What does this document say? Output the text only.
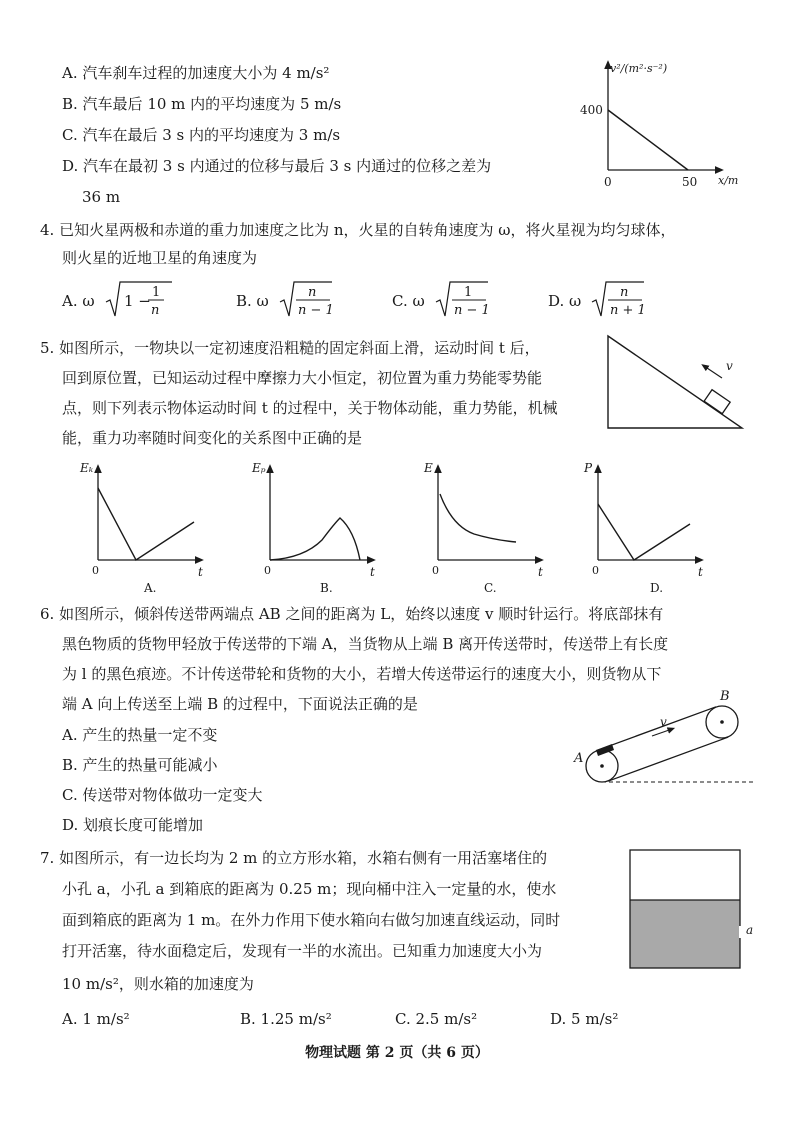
A. 汽车刹车过程的加速度大小为 4 m/s²
B. 汽车最后 10 m 内的平均速度为 5 m/s
C. 汽车在最后 3 s 内的平均速度为 3 m/s
D. 汽车在最初 3 s 内通过的位移与最后 3 s 内通过的位移之差为
36 m
v²/(m²·s⁻²)
400
0	50 x/m
4. 已知火星两极和赤道的重力加速度之比为 n，火星的自转角速度为 ω，将火星视为均匀球体，
则火星的近地卫星的角速度为
A. ω 1 − 1
n
B. ω	n
n − 1
C. ω	1
n − 1
D. ω	n
n + 1
5. 如图所示，一物块以一定初速度沿粗糙的固定斜面上滑，运动时间 t 后，
回到原位置，已知运动过程中摩擦力大小恒定，初位置为重力势能零势能
点，则下列表示物体运动时间 t 的过程中，关于物体动能，重力势能，机械
能，重力功率随时间变化的关系图中正确的是
v
Eₖ
0	t
A.
Eₚ
0	t
B.
E
0	t
C.
P
0	t
D.
6. 如图所示，倾斜传送带两端点 AB 之间的距离为 L，始终以速度 v 顺时针运行。将底部抹有
黑色物质的货物甲轻放于传送带的下端 A，当货物从上端 B 离开传送带时，传送带上有长度
为 l 的黑色痕迹。不计传送带轮和货物的大小，若增大传送带运行的速度大小，则货物从下
端 A 向上传送至上端 B 的过程中，下面说法正确的是
A. 产生的热量一定不变
B. 产生的热量可能减小
C. 传送带对物体做功一定变大
D. 划痕长度可能增加
v
A
B
7. 如图所示，有一边长均为 2 m 的立方形水箱，水箱右侧有一用活塞堵住的
小孔 a，小孔 a 到箱底的距离为 0.25 m；现向桶中注入一定量的水，使水
面到箱底的距离为 1 m。在外力作用下使水箱向右做匀加速直线运动，同时
打开活塞，待水面稳定后，发现有一半的水流出。已知重力加速度大小为
10 m/s²，则水箱的加速度为
A. 1 m/s²	B. 1.25 m/s²	C. 2.5 m/s²	D. 5 m/s²
a
物理试题 第 2 页（共 6 页）
